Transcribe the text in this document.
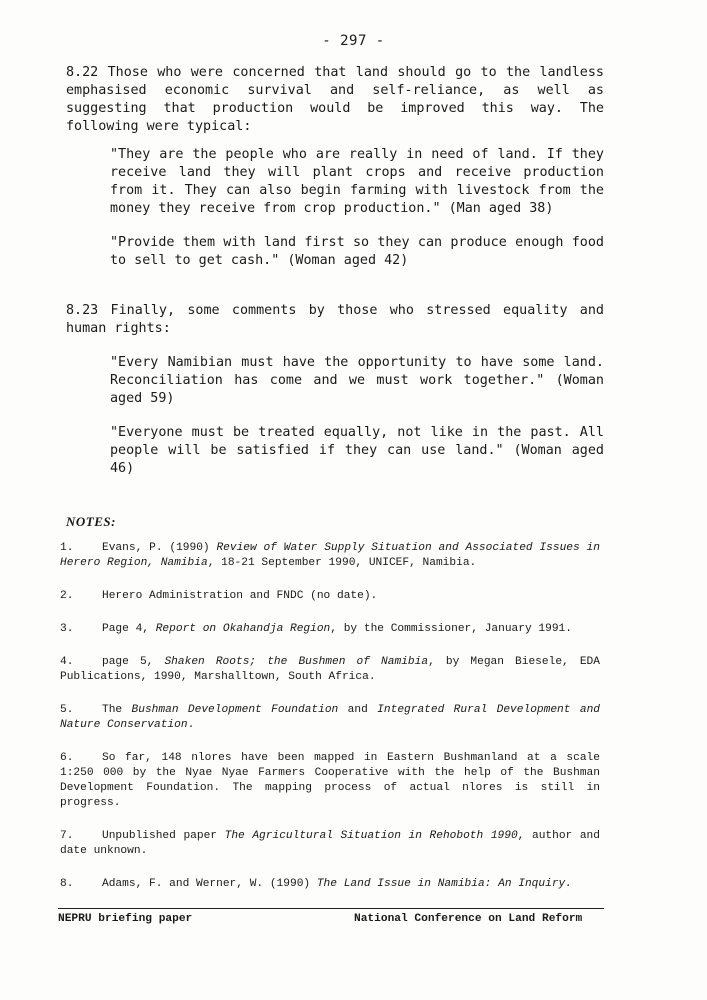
- 297 -

8.22 Those who were concerned that land should go to the landless emphasised economic survival and self-reliance, as well as suggesting that production would be improved this way. The following were typical:

"They are the people who are really in need of land. If they receive land they will plant crops and receive production from it. They can also begin farming with livestock from the money they receive from crop production." (Man aged 38)

"Provide them with land first so they can produce enough food to sell to get cash." (Woman aged 42)

8.23 Finally, some comments by those who stressed equality and human rights:

"Every Namibian must have the opportunity to have some land. Reconciliation has come and we must work together." (Woman aged 59)

"Everyone must be treated equally, not like in the past. All people will be satisfied if they can use land." (Woman aged 46)

NOTES:

1.	Evans, P. (1990) Review of Water Supply Situation and Associated Issues in Herero Region, Namibia, 18-21 September 1990, UNICEF, Namibia.

2.	Herero Administration and FNDC (no date).

3.	Page 4, Report on Okahandja Region, by the Commissioner, January 1991.

4.	page 5, Shaken Roots; the Bushmen of Namibia, by Megan Biesele, EDA Publications, 1990, Marshalltown, South Africa.

5.	The Bushman Development Foundation and Integrated Rural Development and Nature Conservation.

6.	So far, 148 nlores have been mapped in Eastern Bushmanland at a scale 1:250 000 by the Nyae Nyae Farmers Cooperative with the help of the Bushman Development Foundation. The mapping process of actual nlores is still in progress.

7.	Unpublished paper The Agricultural Situation in Rehoboth 1990, author and date unknown.

8.	Adams, F. and Werner, W. (1990) The Land Issue in Namibia: An Inquiry.

NEPRU briefing paper	National Conference on Land Reform
